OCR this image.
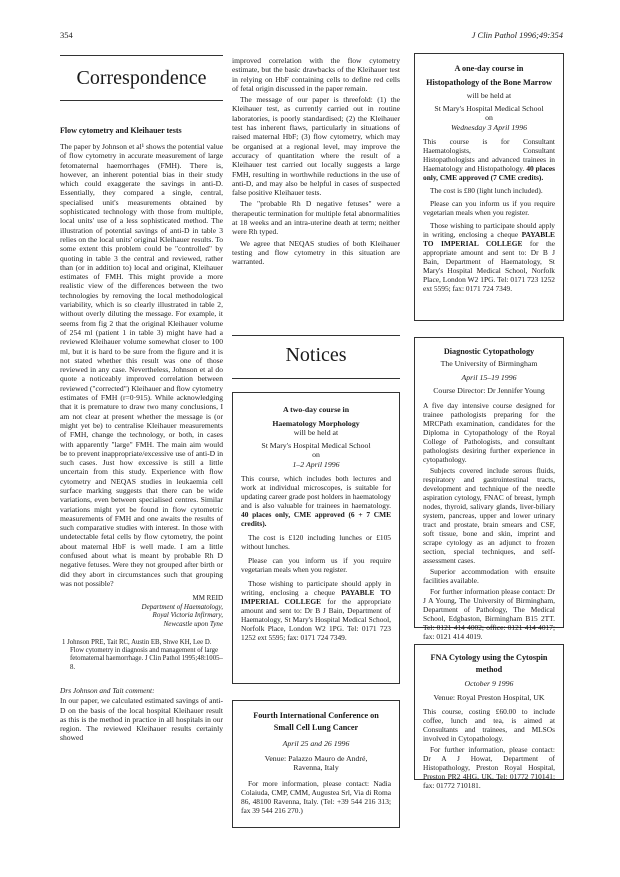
354	J Clin Pathol 1996;49:354
Correspondence
Flow cytometry and Kleihauer tests

The paper by Johnson et al¹ shows the potential value of flow cytometry in accurate measurement of large fetomaternal haemorrhages (FMH). There is, however, an inherent potential bias in their study which could exaggerate the savings in anti-D. Essentially, they compared a single, central, specialised unit's measurements obtained by sophisticated technology with those from multiple, local units' use of a less sophisticated method. The illustration of potential savings of anti-D in table 3 relies on the local units' original Kleihauer results. To some extent this problem could be "controlled" by quoting in table 3 the central and reviewed, rather than (or in addition to) local and original, Kleihauer estimates of FMH. This might provide a more realistic view of the differences between the two technologies by removing the local methodological variability, which is so clearly illustrated in table 2, without overly diluting the message. For example, it seems from fig 2 that the original Kleihauer volume of 254 ml (patient 1 in table 3) might have had a reviewed Kleihauer volume somewhat closer to 100 ml, but it is hard to be sure from the figure and it is not stated whether this result was one of those reviewed in any case. Nevertheless, Johnson et al do quote a noticeably improved correlation between reviewed ("corrected") Kleihauer and flow cytometry estimates of FMH (r=0·915). While acknowledging that it is premature to draw two many conclusions, I am not clear at present whether the message is (or might yet be) to centralise Kleihauer measurements of FMH, change the technology, or both, in cases with apparently "large" FMH. The main aim would be to prevent inappropriate/excessive use of anti-D in such cases. Just how excessive is still a little uncertain from this study. Experience with flow cytometry and NEQAS studies in leukaemia cell surface marking suggests that there can be wide variations, even between specialised centres. Similar variations might yet be found in flow cytometric measurements of FMH and one awaits the results of such comparative studies with interest. In those with undetectable fetal cells by flow cytometry, the point about maternal HbF is well made. I am a little confused about what is meant by probable Rh D negative fetuses. Were they not grouped after birth or did they abort in circumstances such that grouping was not possible?

MM REID
Department of Haematology,
Royal Victoria Infirmary,
Newcastle upon Tyne

1 Johnson PRE, Tait RC, Austin EB, Shwe KH, Lee D. Flow cytometry in diagnosis and management of large fetomaternal haemorrhage. J Clin Pathol 1995;48:1005–8.

Drs Johnson and Tait comment:

In our paper, we calculated estimated savings of anti-D on the basis of the local hospital Kleihauer result as this is the method in practice in all hospitals in our region. The reviewed Kleihauer results certainly showed

improved correlation with the flow cytometry estimate, but the basic drawbacks of the Kleihauer test in relying on HbF containing cells to define red cells of fetal origin discussed in the paper remain.

The message of our paper is threefold: (1) the Kleihauer test, as currently carried out in routine laboratories, is poorly standardised; (2) the Kleihauer test has inherent flaws, particularly in situations of raised maternal HbF; (3) flow cytometry, which may be organised at a regional level, may improve the accuracy of quantitation where the result of a Kleihauer test carried out locally suggests a large FMH, resulting in worthwhile reductions in the use of anti-D, and may also be helpful in cases of suspected false positive Kleihauer tests.

The "probable Rh D negative fetuses" were a therapeutic termination for multiple fetal abnormalities at 18 weeks and an intra-uterine death at term; neither were Rh typed.

We agree that NEQAS studies of both Kleihauer testing and flow cytometry in this situation are warranted.

Notices

A two-day course in

Haematology Morphology

will be held at

St Mary's Hospital Medical School

on

1–2 April 1996

This course, which includes both lectures and work at individual microscopes, is suitable for updating career grade post holders in haematology and is also valuable for trainees in haematology. 40 places only, CME approved (6 + 7 CME credits).

The cost is £120 including lunches or £105 without lunches.

Please can you inform us if you require vegetarian meals when you register.

Those wishing to participate should apply in writing, enclosing a cheque PAYABLE TO IMPERIAL COLLEGE for the appropriate amount and sent to: Dr B J Bain, Department of Haematology, St Mary's Hospital Medical School, Norfolk Place, London W2 1PG. Tel: 0171 723 1252 ext 5595; fax: 0171 724 7349.

Fourth International Conference on
Small Cell Lung Cancer

April 25 and 26 1996

Venue: Palazzo Mauro de André,

Ravenna, Italy

For more information, please contact: Nadia Colaiuda, CMP, CMM, Augustea Srl, Via di Roma 86, 48100 Ravenna, Italy. (Tel: +39 544 216 313; fax 39 544 216 270.)

A one-day course in
Histopathology of the Bone Marrow

will be held at

St Mary's Hospital Medical School

on

Wednesday 3 April 1996

This course is for Consultant Haematologists, Consultant Histopathologists and advanced trainees in Haematology and Histopathology. 40 places only, CME approved (7 CME credits).

The cost is £80 (light lunch included).

Please can you inform us if you require vegetarian meals when you register.

Those wishing to participate should apply in writing, enclosing a cheque PAYABLE TO IMPERIAL COLLEGE for the appropriate amount and sent to: Dr B J Bain, Department of Haematology, St Mary's Hospital Medical School, Norfolk Place, London W2 1PG. Tel: 0171 723 1252 ext 5595; fax: 0171 724 7349.

Diagnostic Cytopathology

The University of Birmingham

April 15–19 1996

Course Director: Dr Jennifer Young

A five day intensive course designed for trainee pathologists preparing for the MRCPath examination, candidates for the Diploma in Cytopathology of the Royal College of Pathologists, and consultant pathologists desiring further experience in cytopathology.

Subjects covered include serous fluids, respiratory and gastrointestinal tracts, development and technique of the needle aspiration cytology, FNAC of breast, lymph nodes, thyroid, salivary glands, liver-biliary system, pancreas, upper and lower urinary tract and prostate, brain smears and CSF, soft tissue, bone and skin, imprint and scrape cytology as an adjunct to frozen section, special techniques, and self-assessment cases.

Superior accommodation with ensuite facilities available.

For further information please contact: Dr J A Young, The University of Birmingham, Department of Pathology, The Medical School, Edgbaston, Birmingham B15 2TT. Tel: 0121 414 4002; office: 0121 414 4017; fax: 0121 414 4019.

FNA Cytology using the Cytospin
method

October 9 1996

Venue: Royal Preston Hospital, UK

This course, costing £60.00 to include coffee, lunch and tea, is aimed at Consultants and trainees, and MLSOs involved in Cytopathology.

For further information, please contact: Dr A J Howat, Department of Histopathology, Preston Royal Hospital, Preston PR2 4HG, UK. Tel: 01772 710141; fax: 01772 710181.
